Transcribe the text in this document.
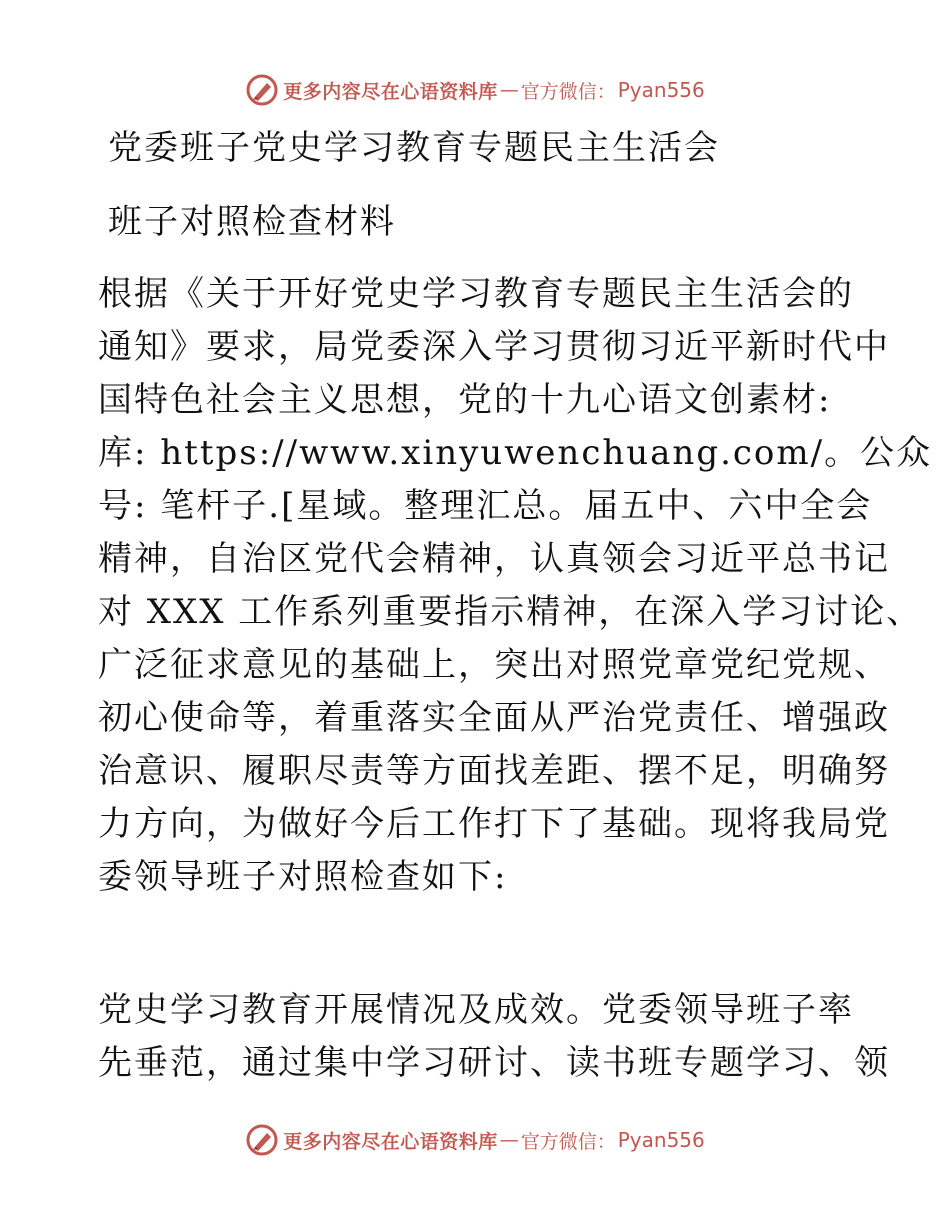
更多内容尽在心语资料库 — 官方微信： Pyan556
党委班子党史学习教育专题民主生活会
班子对照检查材料
根据《关于开好党史学习教育专题民主生活会的
通知》要求，局党委深入学习贯彻习近平新时代中
国特色社会主义思想，党的十九心语文创素材:
库: https://www.xinyuwenchuang.com/。公众
号: 笔杆子.[星域。整理汇总。届五中、六中全会
精神，自治区党代会精神，认真领会习近平总书记
对 XXX 工作系列重要指示精神，在深入学习讨论、
广泛征求意见的基础上，突出对照党章党纪党规、
初心使命等，着重落实全面从严治党责任、增强政
治意识、履职尽责等方面找差距、摆不足，明确努
力方向，为做好今后工作打下了基础。现将我局党
委领导班子对照检查如下:
党史学习教育开展情况及成效。党委领导班子率
先垂范，通过集中学习研讨、读书班专题学习、领
更多内容尽在心语资料库 — 官方微信： Pyan556
